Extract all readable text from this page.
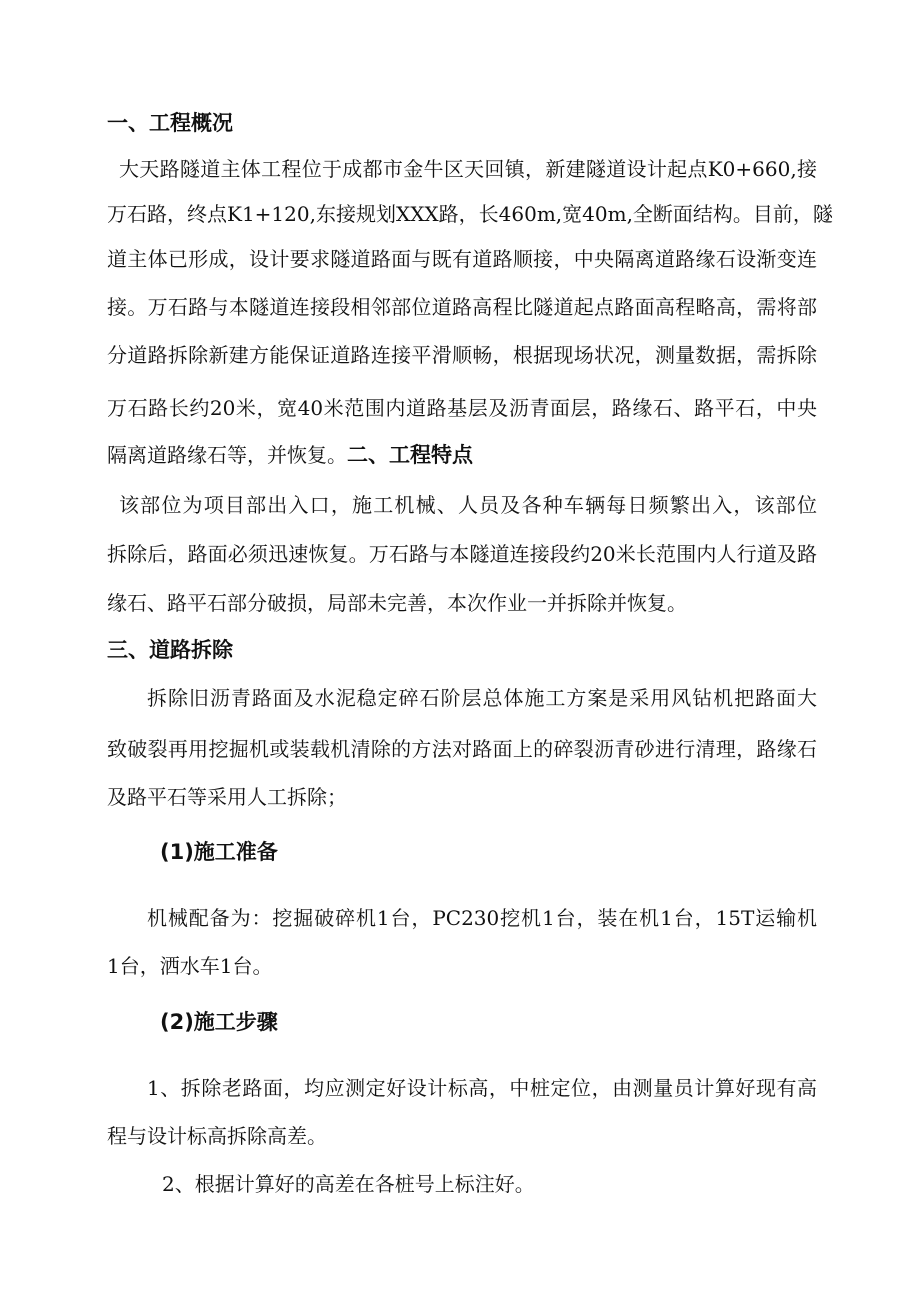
一、工程概况
大天路隧道主体工程位于成都市金牛区天回镇，新建隧道设计起点K0+660,接
万石路，终点K1+120,东接规划XXX路，长460m,宽40m,全断面结构。目前，隧
道主体已形成，设计要求隧道路面与既有道路顺接，中央隔离道路缘石设渐变连
接。万石路与本隧道连接段相邻部位道路高程比隧道起点路面高程略高，需将部
分道路拆除新建方能保证道路连接平滑顺畅，根据现场状况，测量数据，需拆除
万石路长约20米，宽40米范围内道路基层及沥青面层，路缘石、路平石，中央
隔离道路缘石等，并恢复。二、工程特点
该部位为项目部出入口，施工机械、人员及各种车辆每日频繁出入，该部位
拆除后，路面必须迅速恢复。万石路与本隧道连接段约20米长范围内人行道及路
缘石、路平石部分破损，局部未完善，本次作业一并拆除并恢复。
三、道路拆除
拆除旧沥青路面及水泥稳定碎石阶层总体施工方案是采用风钻机把路面大
致破裂再用挖掘机或装载机清除的方法对路面上的碎裂沥青砂进行清理，路缘石
及路平石等采用人工拆除；
(1)施工准备
机械配备为：挖掘破碎机1台，PC230挖机1台，装在机1台，15T运输机
1台，洒水车1台。
(2)施工步骤
1、拆除老路面，均应测定好设计标高，中桩定位，由测量员计算好现有高
程与设计标高拆除高差。
2、根据计算好的高差在各桩号上标注好。
